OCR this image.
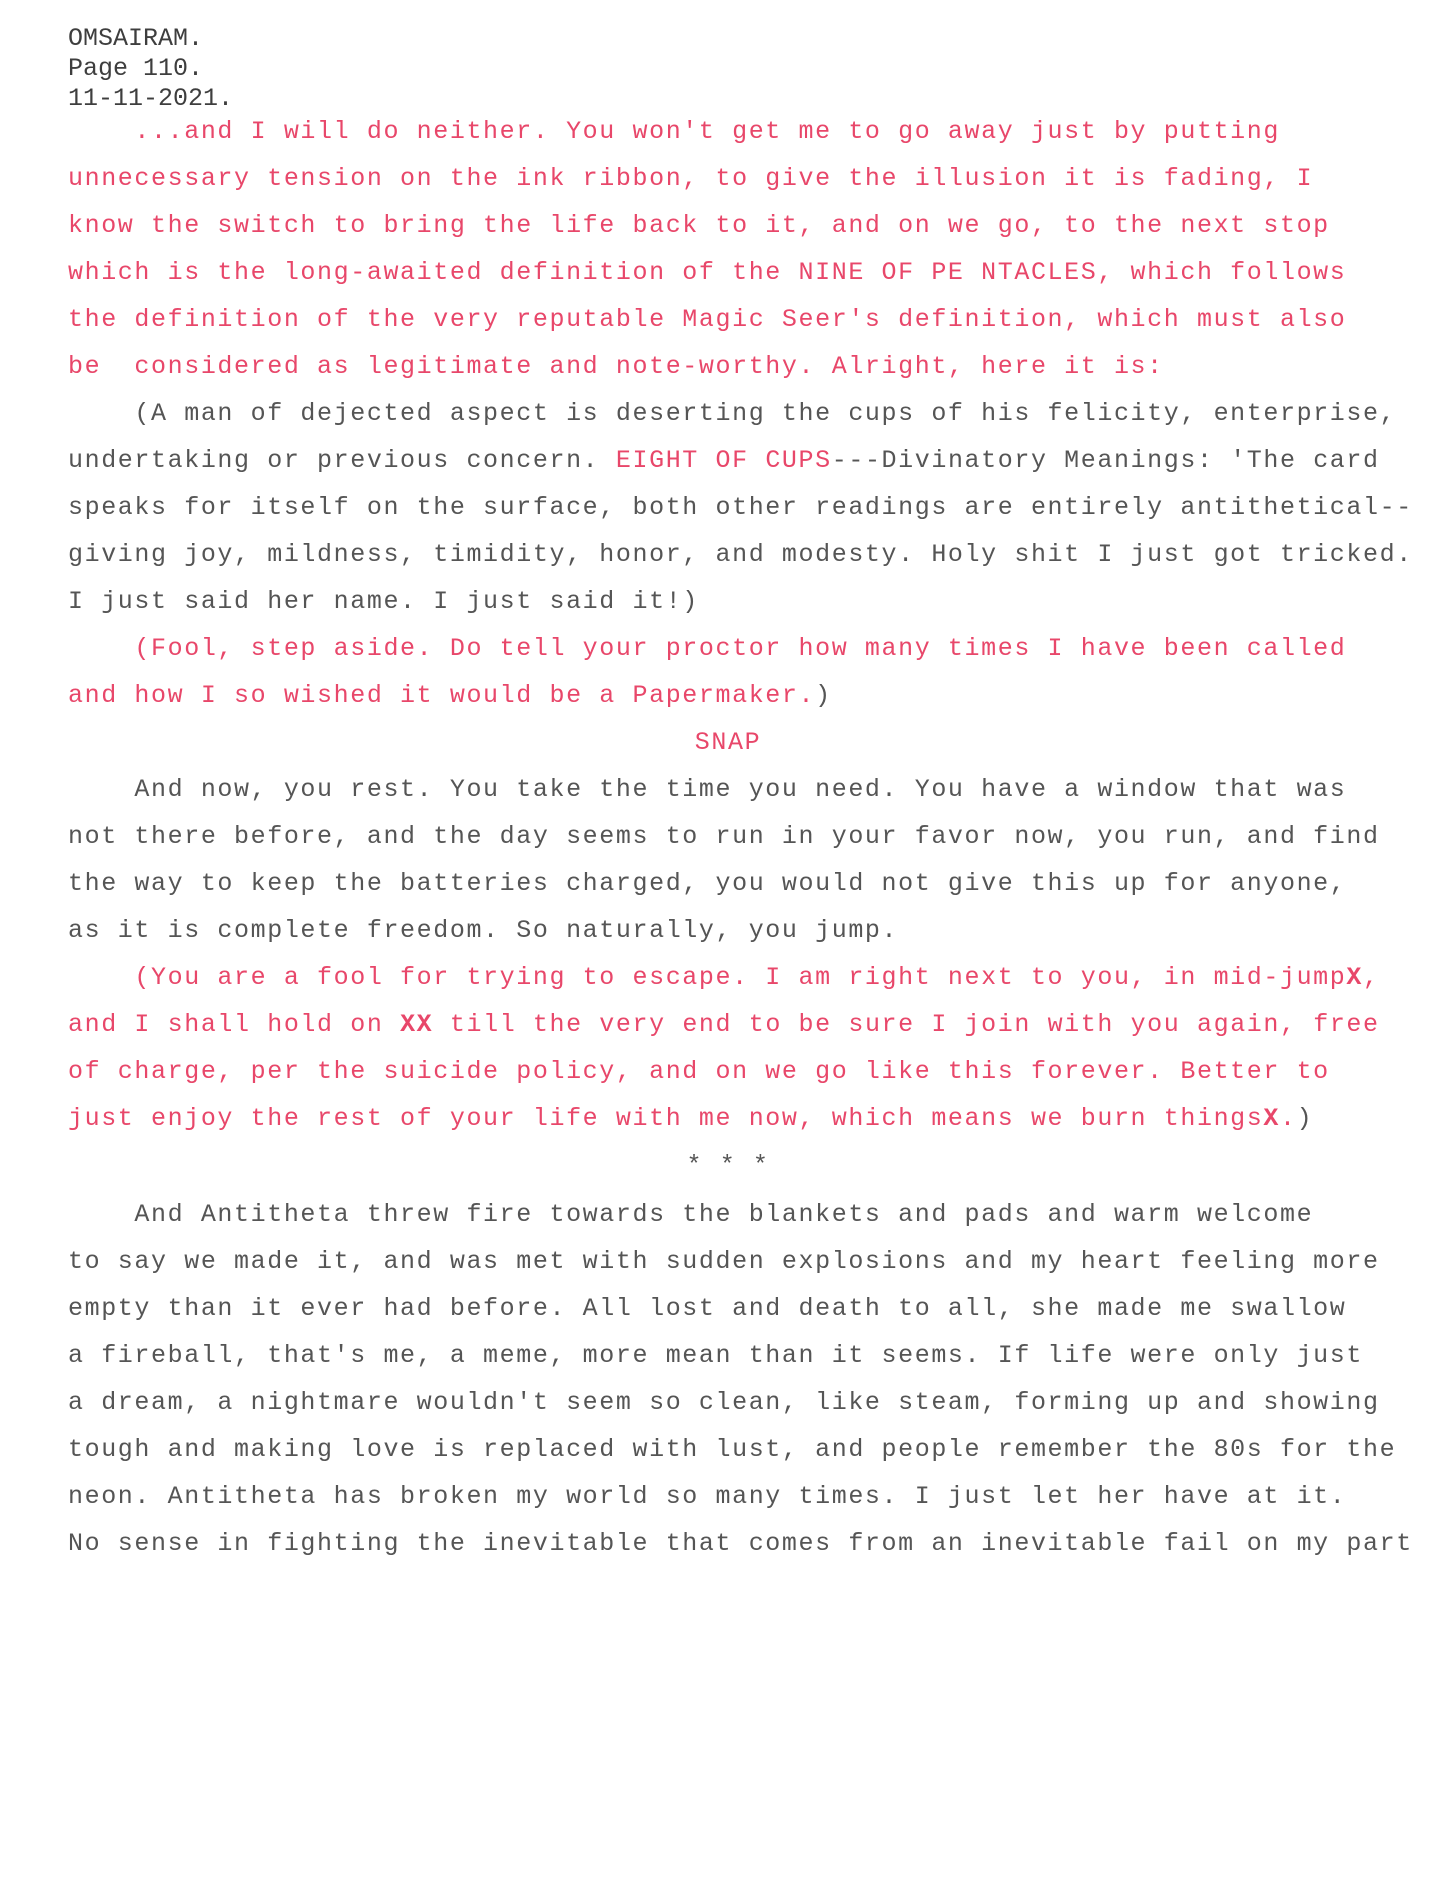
OMSAIRAM.
Page 110.
11-11-2021.
...and I will do neither. You won't get me to go away just by putting
unnecessary tension on the ink ribbon, to give the illusion it is fading, I
know the switch to bring the life back to it, and on we go, to the next stop
which is the long-awaited definition of the NINE OF PE NTACLES, which follows
the definition of the very reputable Magic Seer's definition, which must also
be  considered as legitimate and note-worthy. Alright, here it is:
(A man of dejected aspect is deserting the cups of his felicity, enterprise,
undertaking or previous concern. EIGHT OF CUPS---Divinatory Meanings: 'The card
speaks for itself on the surface, both other readings are entirely antithetical--
giving joy, mildness, timidity, honor, and modesty. Holy shit I just got tricked.
I just said her name. I just said it!)
(Fool, step aside. Do tell your proctor how many times I have been called
and how I so wished it would be a Papermaker.)
SNAP
And now, you rest. You take the time you need. You have a window that was
not there before, and the day seems to run in your favor now, you run, and find
the way to keep the batteries charged, you would not give this up for anyone,
as it is complete freedom. So naturally, you jump.
(You are a fool for trying to escape. I am right next to you, in mid-jumpX,
and I shall hold on XX till the very end to be sure I join with you again, free
of charge, per the suicide policy, and on we go like this forever. Better to
just enjoy the rest of your life with me now, which means we burn thingsX.)
* * *
And Antitheta threw fire towards the blankets and pads and warm welcome
to say we made it, and was met with sudden explosions and my heart feeling more
empty than it ever had before. All lost and death to all, she made me swallow
a fireball, that's me, a meme, more mean than it seems. If life were only just
a dream, a nightmare wouldn't seem so clean, like steam, forming up and showing
tough and making love is replaced with lust, and people remember the 80s for the
neon. Antitheta has broken my world so many times. I just let her have at it.
No sense in fighting the inevitable that comes from an inevitable fail on my part
